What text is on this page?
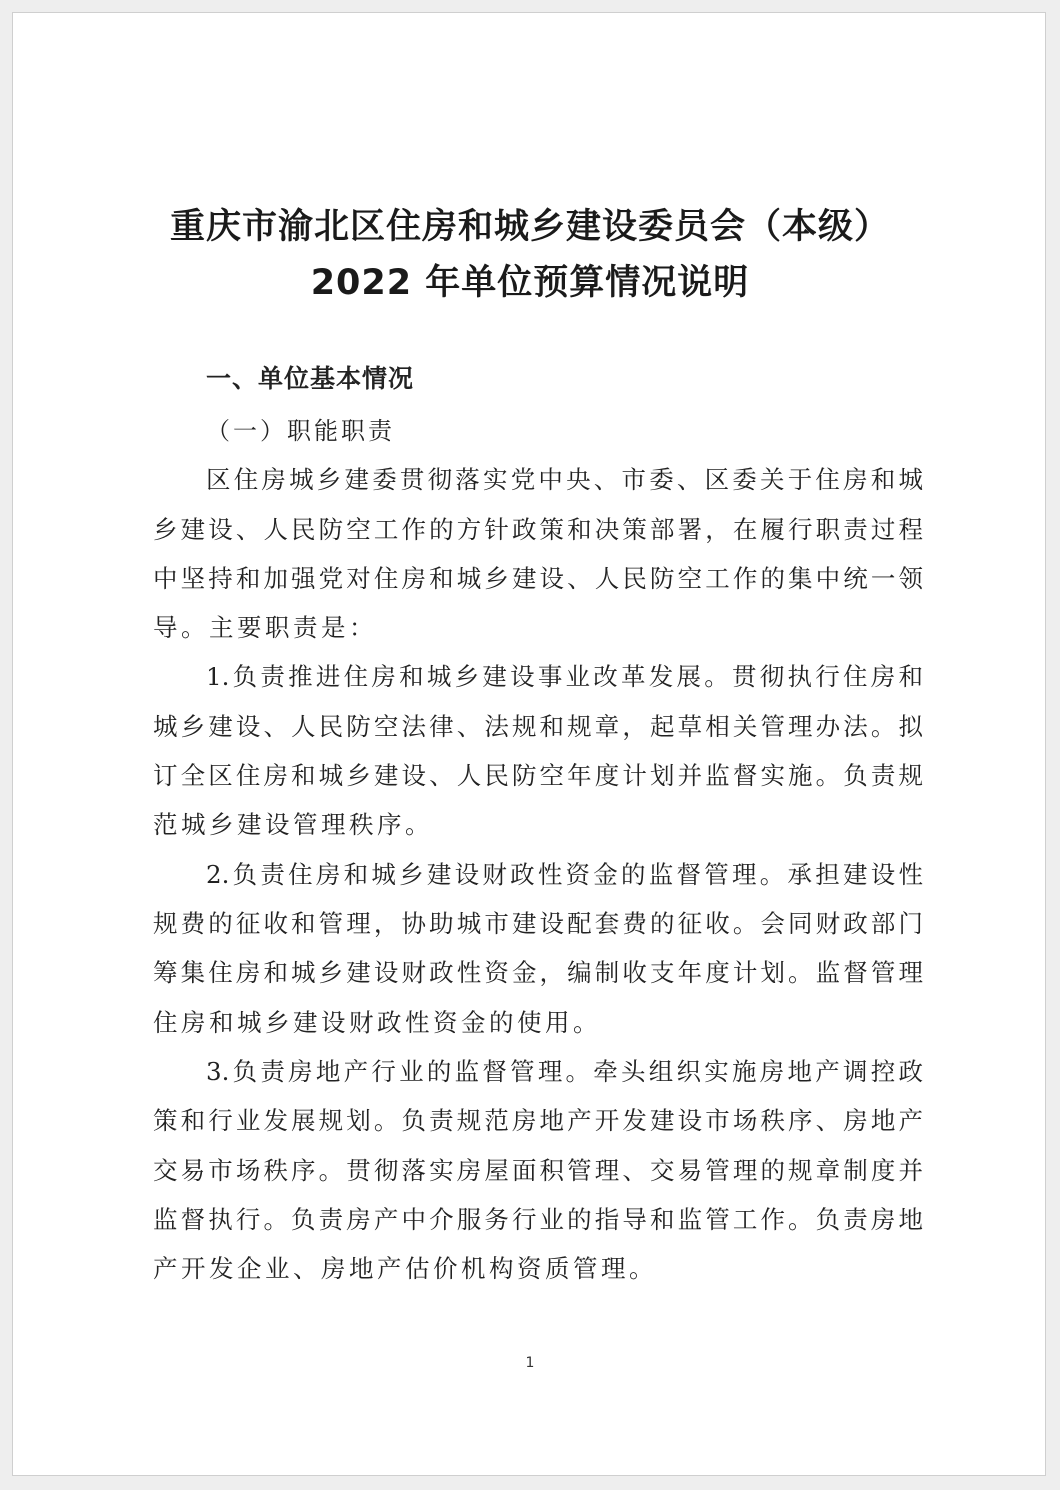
重庆市渝北区住房和城乡建设委员会（本级）
2022 年单位预算情况说明
一、单位基本情况
（一）职能职责
区住房城乡建委贯彻落实党中央、市委、区委关于住房和城
乡建设、人民防空工作的方针政策和决策部署，在履行职责过程
中坚持和加强党对住房和城乡建设、人民防空工作的集中统一领
导。主要职责是：
1.负责推进住房和城乡建设事业改革发展。贯彻执行住房和
城乡建设、人民防空法律、法规和规章，起草相关管理办法。拟
订全区住房和城乡建设、人民防空年度计划并监督实施。负责规
范城乡建设管理秩序。
2.负责住房和城乡建设财政性资金的监督管理。承担建设性
规费的征收和管理，协助城市建设配套费的征收。会同财政部门
筹集住房和城乡建设财政性资金，编制收支年度计划。监督管理
住房和城乡建设财政性资金的使用。
3.负责房地产行业的监督管理。牵头组织实施房地产调控政
策和行业发展规划。负责规范房地产开发建设市场秩序、房地产
交易市场秩序。贯彻落实房屋面积管理、交易管理的规章制度并
监督执行。负责房产中介服务行业的指导和监管工作。负责房地
产开发企业、房地产估价机构资质管理。
1
